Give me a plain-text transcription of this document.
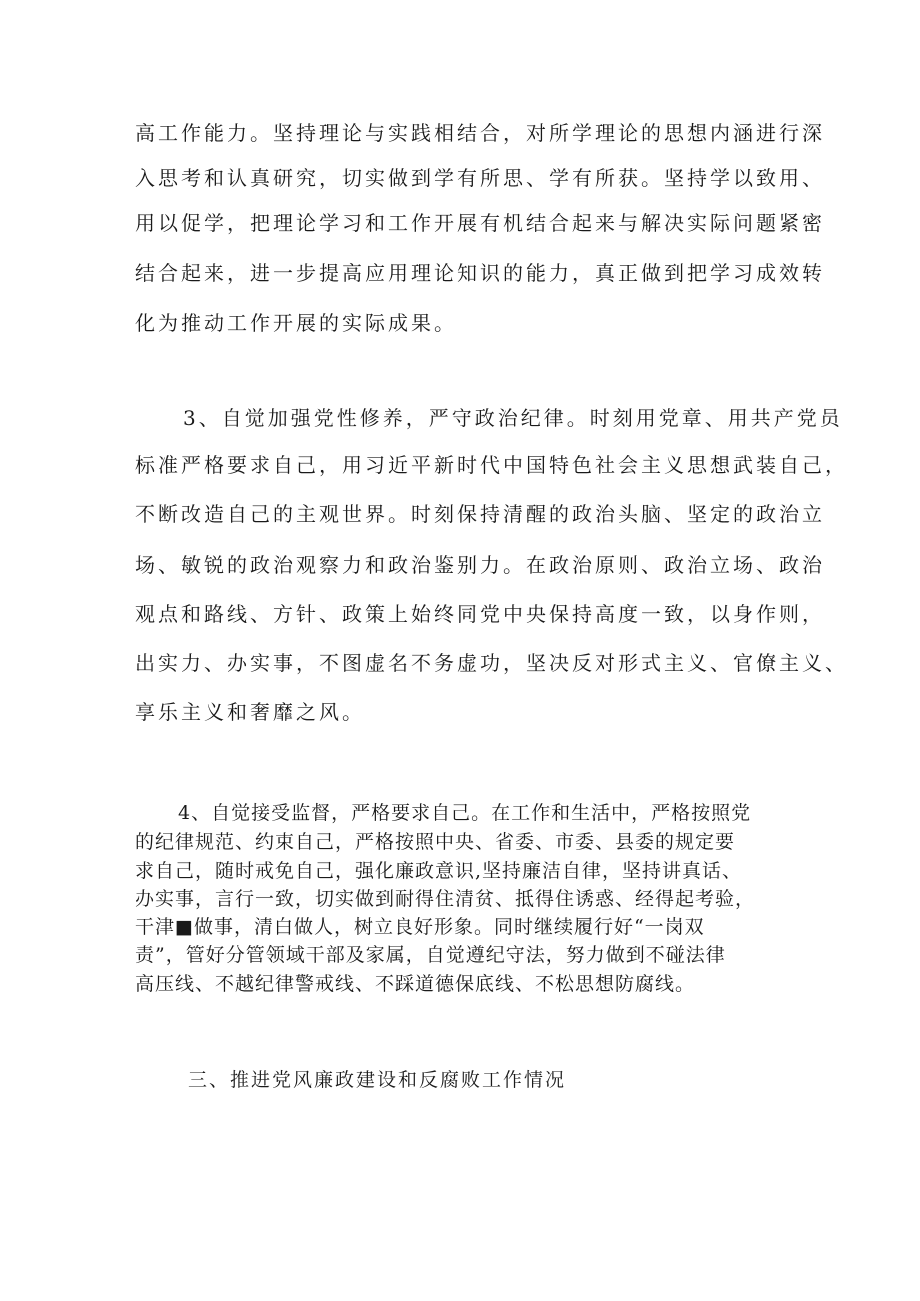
高工作能力。坚持理论与实践相结合，对所学理论的思想内涵进行深
入思考和认真研究，切实做到学有所思、学有所获。坚持学以致用、
用以促学，把理论学习和工作开展有机结合起来与解决实际问题紧密
结合起来，进一步提高应用理论知识的能力，真正做到把学习成效转
化为推动工作开展的实际成果。
3、自觉加强党性修养，严守政治纪律。时刻用党章、用共产党员
标准严格要求自己，用习近平新时代中国特色社会主义思想武装自己，
不断改造自己的主观世界。时刻保持清醒的政治头脑、坚定的政治立
场、敏锐的政治观察力和政治鉴别力。在政治原则、政治立场、政治
观点和路线、方针、政策上始终同党中央保持高度一致，以身作则，
出实力、办实事，不图虚名不务虚功，坚决反对形式主义、官僚主义、
享乐主义和奢靡之风。
4、自觉接受监督，严格要求自己。在工作和生活中，严格按照党
的纪律规范、约束自己，严格按照中央、省委、市委、县委的规定要
求自己，随时戒免自己，强化廉政意识,坚持廉洁自律，坚持讲真话、
办实事，言行一致，切实做到耐得住清贫、抵得住诱惑、经得起考验，
干津■做事，清白做人，树立良好形象。同时继续履行好“一岗双
责”，管好分管领域干部及家属，自觉遵纪守法，努力做到不碰法律
高压线、不越纪律警戒线、不踩道德保底线、不松思想防腐线。
三、推进党风廉政建设和反腐败工作情况
